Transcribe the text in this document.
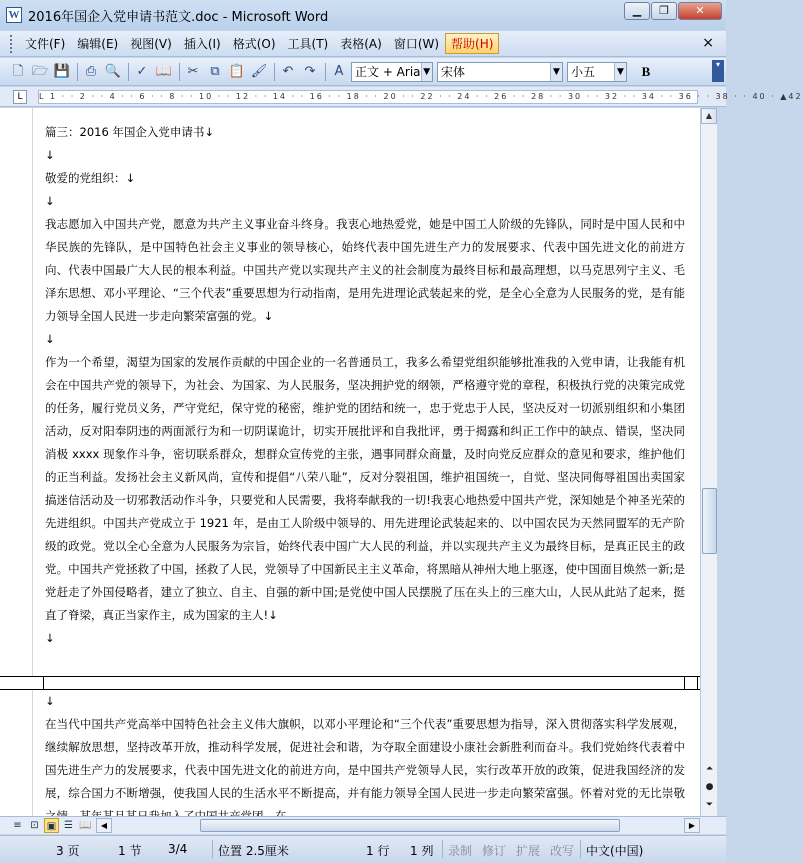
W 2016年国企入党申请书范文.doc - Microsoft Word	▁	❐	✕
文件(F)	编辑(E)	视图(V)	插入(I)	格式(O)	工具(T)	表格(A)	窗口(W)	帮助(H)	×
🗋 🗁 💾	⎙ 🔍	✓ 📖	✂ ⧉ 📋 🖌	↶ ↷	A 正文 + Aria ▼ 宋体	▼ 小五	▼	B	▾
L	L 1 · · 2 · · 4 · · 6 · · 8 · · 10 · · 12 · · 14 · · 16 · · 18 · · 20 · · 22 · · 24 · · 26 · · 28 · · 30 · · 32 · · 34 · · 36 · · 38 · · 40 · ▲42
篇三：2016 年国企入党申请书↓
↓
敬爱的党组织：↓
↓
我志愿加入中国共产党，愿意为共产主义事业奋斗终身。我衷心地热爱党，她是中国工人阶级的先锋队，同时是中国人民和中华民族的先锋队，是中国特色社会主义事业的领导核心，始终代表中国先进生产力的发展要求、代表中国先进文化的前进方向、代表中国最广大人民的根本利益。中国共产党以实现共产主义的社会制度为最终目标和最高理想，以马克思列宁主义、毛泽东思想、邓小平理论、“三个代表”重要思想为行动指南，是用先进理论武装起来的党，是全心全意为人民服务的党，是有能力领导全国人民进一步走向繁荣富强的党。↓
↓
作为一个希望，渴望为国家的发展作贡献的中国企业的一名普通员工，我多么希望党组织能够批准我的入党申请，让我能有机会在中国共产党的领导下，为社会、为国家、为人民服务，坚决拥护党的纲领，严格遵守党的章程，积极执行党的决策完成党的任务，履行党员义务，严守党纪，保守党的秘密，维护党的团结和统一，忠于党忠于人民，坚决反对一切派别组织和小集团活动，反对阳奉阴违的两面派行为和一切阴谋诡计，切实开展批评和自我批评，勇于揭露和纠正工作中的缺点、错误，坚决同消极 xxxx 现象作斗争，密切联系群众，想群众宣传党的主张，遇事同群众商量，及时向党反应群众的意见和要求，维护他们的正当利益。发扬社会主义新风尚，宣传和提倡“八荣八耻”，反对分裂祖国，维护祖国统一，自觉、坚决同侮辱祖国出卖国家搞迷信活动及一切邪教活动作斗争，只要党和人民需要，我将奉献我的一切!我衷心地热爱中国共产党，深知她是个神圣光荣的先进组织。中国共产党成立于 1921 年，是由工人阶级中领导的、用先进理论武装起来的、以中国农民为天然同盟军的无产阶级的政党。党以全心全意为人民服务为宗旨，始终代表中国广大人民的利益，并以实现共产主义为最终目标，是真正民主的政党。中国共产党拯救了中国，拯救了人民，党领导了中国新民主主义革命，将黑暗从神州大地上驱逐，使中国面目焕然一新;是党赶走了外国侵略者，建立了独立、自主、自强的新中国;是党使中国人民摆脱了压在头上的三座大山，人民从此站了起来，挺直了脊梁，真正当家作主，成为国家的主人!↓
↓
↓
在当代中国共产党高举中国特色社会主义伟大旗帜，以邓小平理论和“三个代表”重要思想为指导，深入贯彻落实科学发展观，继续解放思想，坚持改革开放，推动科学发展，促进社会和谐，为夺取全面建设小康社会新胜利而奋斗。我们党始终代表着中国先进生产力的发展要求，代表中国先进文化的前进方向，是中国共产党领导人民，实行改革开放的政策，促进我国经济的发展，综合国力不断增强，使我国人民的生活水平不断提高，并有能力领导全国人民进一步走向繁荣富强。怀着对党的无比崇敬
▲
⏶
●
⏷
≡ ⊡ ▣ ☰ 📖	◀	▶
3 页	1 节 3/4	位置 2.5厘米	1 行 1 列 录制 修订 扩展 改写 中文(中国)
